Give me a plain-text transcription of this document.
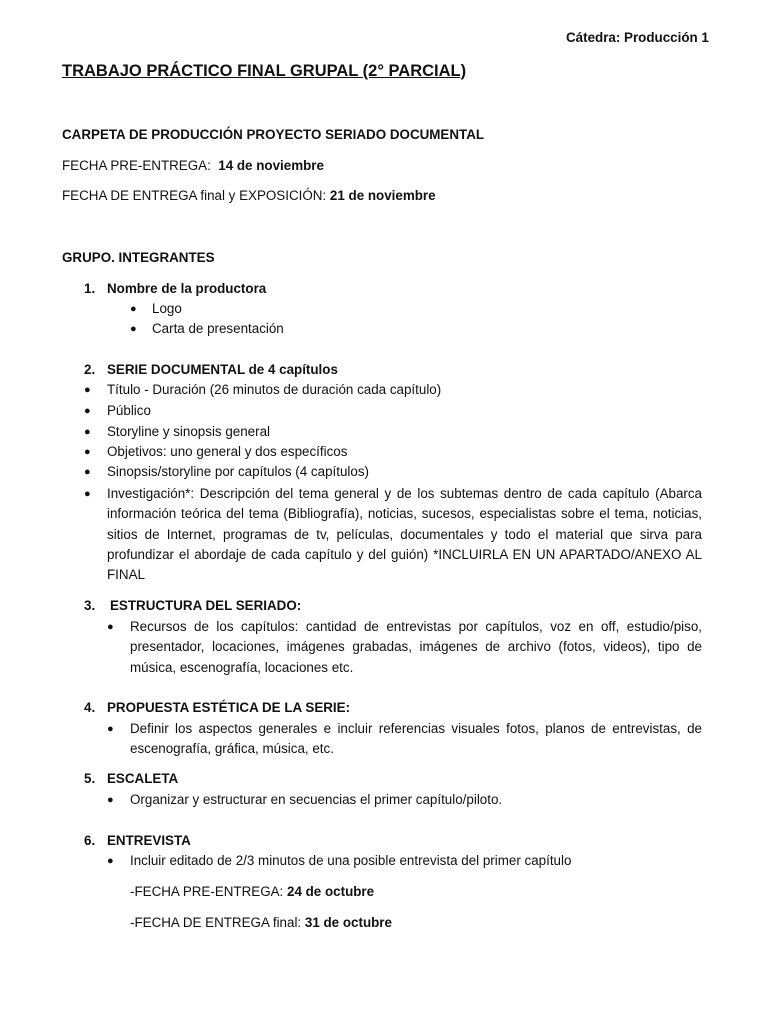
Cátedra: Producción 1
TRABAJO PRÁCTICO FINAL GRUPAL (2° PARCIAL)
CARPETA DE PRODUCCIÓN PROYECTO SERIADO DOCUMENTAL
FECHA PRE-ENTREGA: 14 de noviembre
FECHA DE ENTREGA final y EXPOSICIÓN: 21 de noviembre
GRUPO. INTEGRANTES
1. Nombre de la productora
● Logo
● Carta de presentación
2. SERIE DOCUMENTAL de 4 capítulos
● Título - Duración (26 minutos de duración cada capítulo)
● Público
● Storyline y sinopsis general
● Objetivos: uno general y dos específicos
● Sinopsis/storyline por capítulos (4 capítulos)
● Investigación*: Descripción del tema general y de los subtemas dentro de cada capítulo (Abarca información teórica del tema (Bibliografía), noticias, sucesos, especialistas sobre el tema, noticias, sitios de Internet, programas de tv, películas, documentales y todo el material que sirva para profundizar el abordaje de cada capítulo y del guión) *INCLUIRLA EN UN APARTADO/ANEXO AL FINAL
3. ESTRUCTURA DEL SERIADO:
● Recursos de los capítulos: cantidad de entrevistas por capítulos, voz en off, estudio/piso, presentador, locaciones, imágenes grabadas, imágenes de archivo (fotos, videos), tipo de música, escenografía, locaciones etc.
4. PROPUESTA ESTÉTICA DE LA SERIE:
● Definir los aspectos generales e incluir referencias visuales fotos, planos de entrevistas, de escenografía, gráfica, música, etc.
5. ESCALETA
● Organizar y estructurar en secuencias el primer capítulo/piloto.
6. ENTREVISTA
● Incluir editado de 2/3 minutos de una posible entrevista del primer capítulo
-FECHA PRE-ENTREGA: 24 de octubre
-FECHA DE ENTREGA final: 31 de octubre
